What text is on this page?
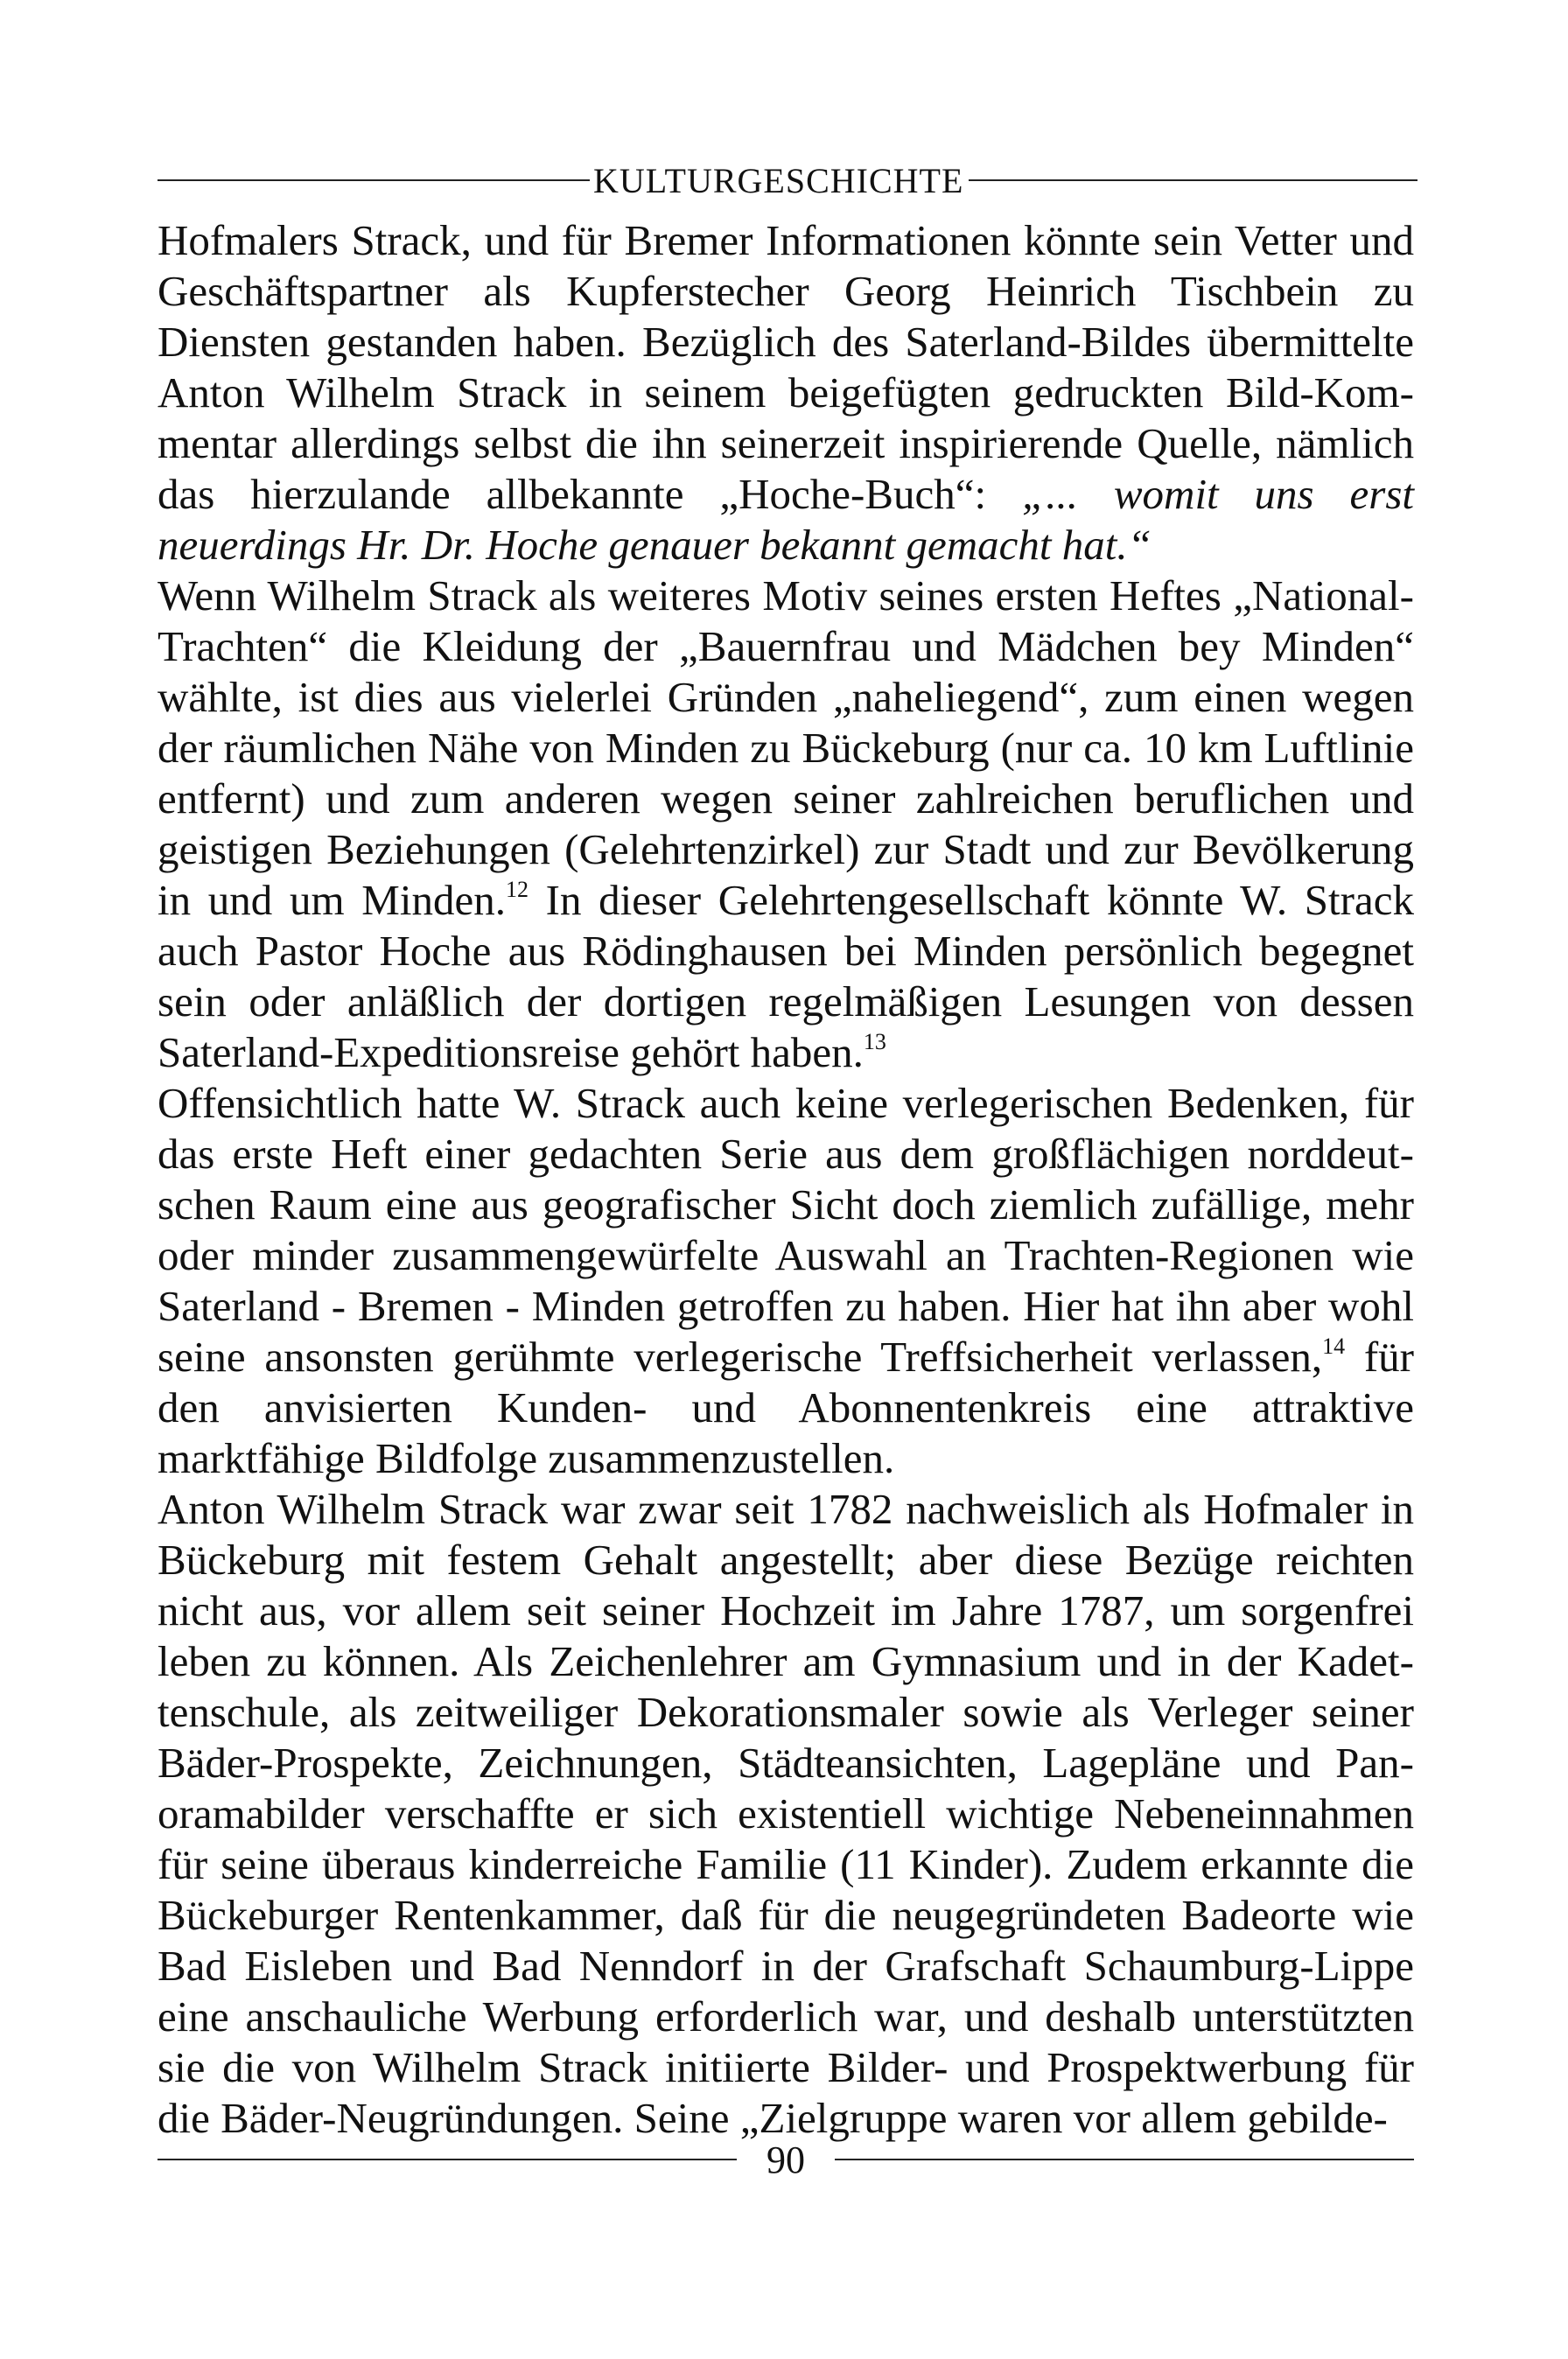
KULTURGESCHICHTE

Hofmalers Strack, und für Bremer Informationen könnte sein Vetter und Geschäftspartner als Kupferstecher Georg Heinrich Tischbein zu Diensten gestanden haben. Bezüglich des Saterland-Bildes übermittelte Anton Wilhelm Strack in seinem beigefügten gedruckten Bild-Kommentar allerdings selbst die ihn seinerzeit inspirierende Quelle, nämlich das hierzulande allbekannte „Hoche-Buch“: „... womit uns erst neuerdings Hr. Dr. Hoche genauer bekannt gemacht hat.“

Wenn Wilhelm Strack als weiteres Motiv seines ersten Heftes „National-Trachten“ die Kleidung der „Bauernfrau und Mädchen bey Minden“ wählte, ist dies aus vielerlei Gründen „naheliegend“, zum einen wegen der räumlichen Nähe von Minden zu Bückeburg (nur ca. 10 km Luftlinie entfernt) und zum anderen wegen seiner zahlreichen beruflichen und geistigen Beziehungen (Gelehrtenzirkel) zur Stadt und zur Bevölkerung in und um Minden.$^{12}$ In dieser Gelehrtengesellschaft könnte W. Strack auch Pastor Hoche aus Rödinghausen bei Minden persönlich begegnet sein oder anläßlich der dortigen regelmäßigen Lesungen von dessen Saterland-Expeditionsreise gehört haben.$^{13}$

Offensichtlich hatte W. Strack auch keine verlegerischen Bedenken, für das erste Heft einer gedachten Serie aus dem großflächigen norddeutschen Raum eine aus geografischer Sicht doch ziemlich zufällige, mehr oder minder zusammengewürfelte Auswahl an Trachten-Regionen wie Saterland - Bremen - Minden getroffen zu haben. Hier hat ihn aber wohl seine ansonsten gerühmte verlegerische Treffsicherheit verlassen,$^{14}$ für den anvisierten Kunden- und Abonnentenkreis eine attraktive marktfähige Bildfolge zusammenzustellen.

Anton Wilhelm Strack war zwar seit 1782 nachweislich als Hofmaler in Bückeburg mit festem Gehalt angestellt; aber diese Bezüge reichten nicht aus, vor allem seit seiner Hochzeit im Jahre 1787, um sorgenfrei leben zu können. Als Zeichenlehrer am Gymnasium und in der Kadettenschule, als zeitweiliger Dekorationsmaler sowie als Verleger seiner Bäder-Prospekte, Zeichnungen, Städteansichten, Lagepläne und Panoramabilder verschaffte er sich existentiell wichtige Nebeneinnahmen für seine überaus kinderreiche Familie (11 Kinder). Zudem erkannte die Bückeburger Rentenkammer, daß für die neugegründeten Badeorte wie Bad Eisleben und Bad Nenndorf in der Grafschaft Schaumburg-Lippe eine anschauliche Werbung erforderlich war, und deshalb unterstützten sie die von Wilhelm Strack initiierte Bilder- und Prospektwerbung für die Bäder-Neugründungen. Seine „Zielgruppe waren vor allem gebilde-

90
